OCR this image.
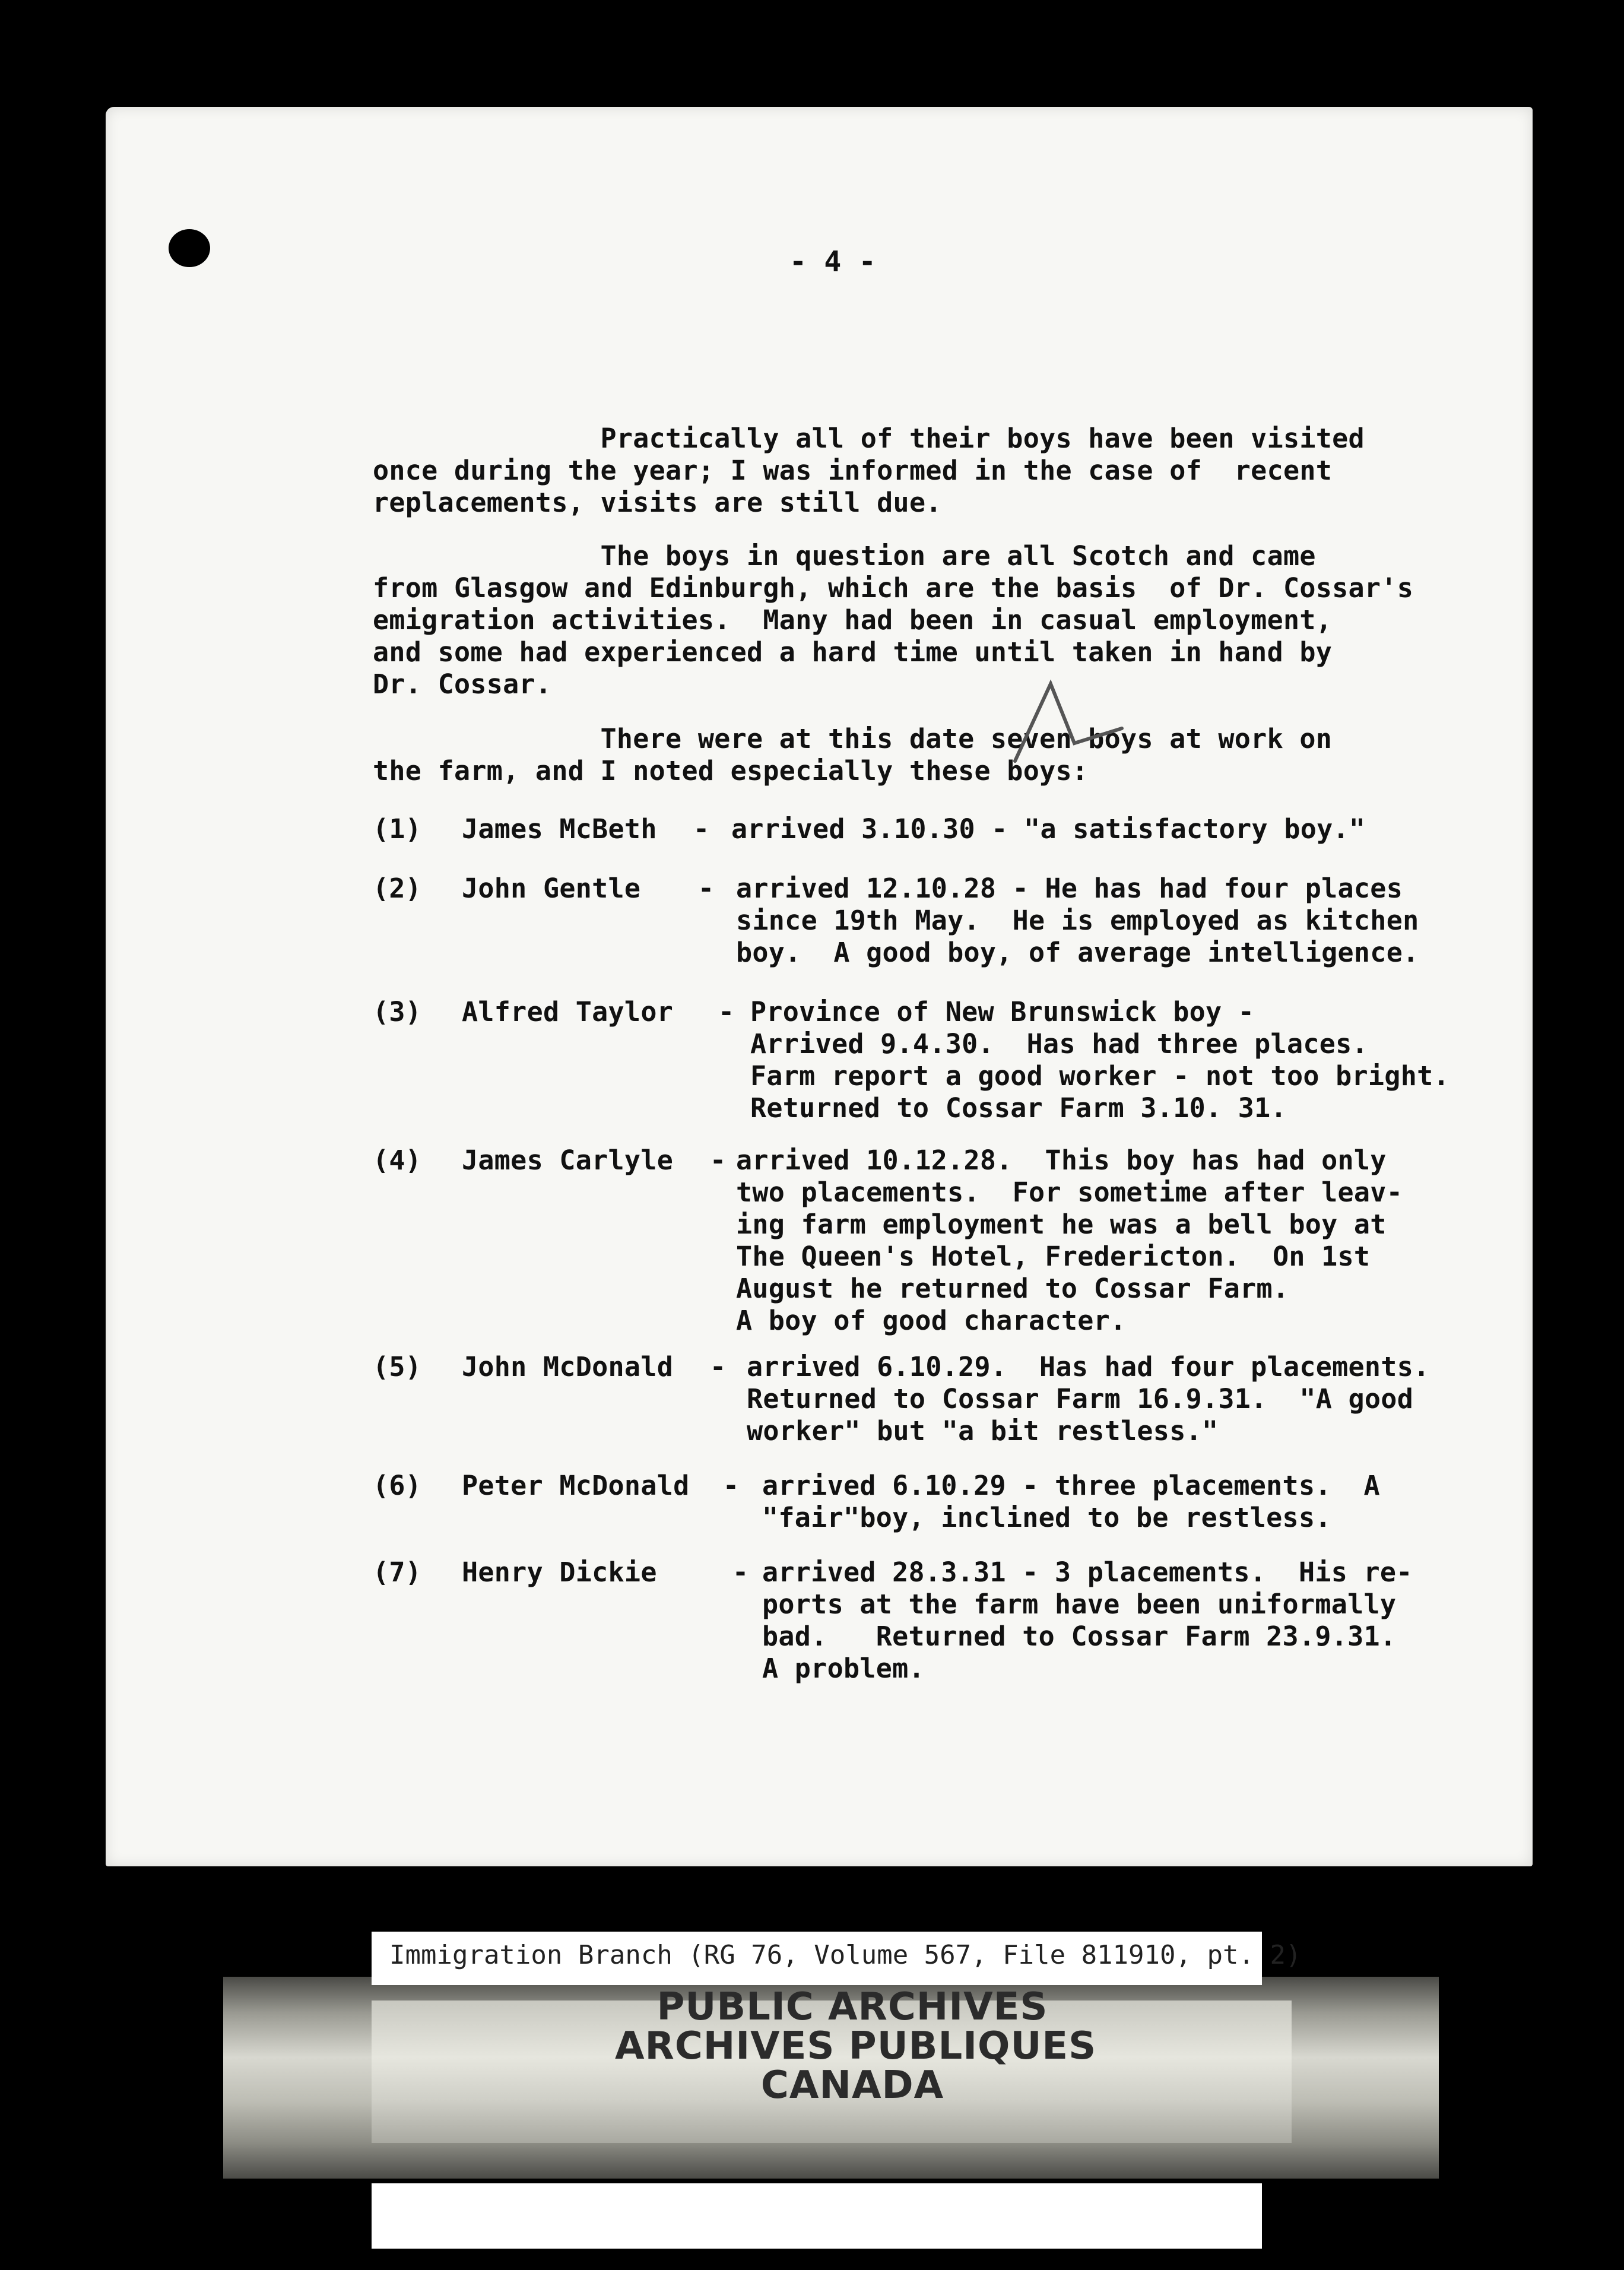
- 4 -
Practically all of their boys have been visited
once during the year; I was informed in the case of  recent
replacements, visits are still due.
The boys in question are all Scotch and came
from Glasgow and Edinburgh, which are the basis  of Dr. Cossar's
emigration activities.  Many had been in casual employment,
and some had experienced a hard time until taken in hand by
Dr. Cossar.
There were at this date seven boys at work on
the farm, and I noted especially these boys:
(1) James McBeth - arrived 3.10.30 - "a satisfactory boy."
(2) John Gentle - arrived 12.10.28 - He has had four places
since 19th May.  He is employed as kitchen
boy.  A good boy, of average intelligence.
(3) Alfred Taylor - Province of New Brunswick boy -
Arrived 9.4.30.  Has had three places.
Farm report a good worker - not too bright.
Returned to Cossar Farm 3.10. 31.
(4) James Carlyle - arrived 10.12.28.  This boy has had only
two placements.  For sometime after leav-
ing farm employment he was a bell boy at
The Queen's Hotel, Fredericton.  On 1st
August he returned to Cossar Farm.
A boy of good character.
(5) John McDonald - arrived 6.10.29.  Has had four placements.
Returned to Cossar Farm 16.9.31.  "A good
worker" but "a bit restless."
(6) Peter McDonald - arrived 6.10.29 - three placements.  A
"fair"boy, inclined to be restless.
(7) Henry Dickie	- arrived 28.3.31 - 3 placements.  His re-
ports at the farm have been uniformally
bad.   Returned to Cossar Farm 23.9.31.
A problem.
PUBLIC ARCHIVES
ARCHIVES PUBLIQUES
CANADA
Immigration Branch (RG 76, Volume 567, File 811910, pt. 2)
